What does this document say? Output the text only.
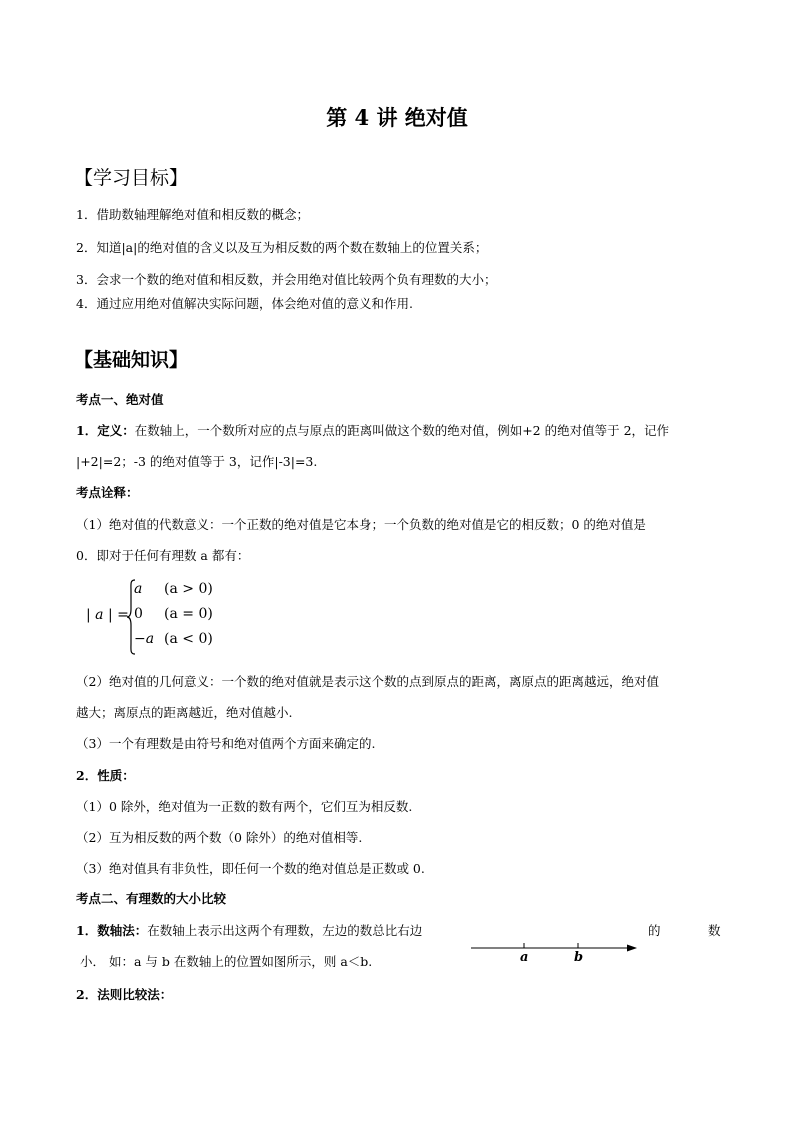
第 4 讲 绝对值
【学习目标】
1．借助数轴理解绝对值和相反数的概念；
2．知道|a|的绝对值的含义以及互为相反数的两个数在数轴上的位置关系；
3．会求一个数的绝对值和相反数，并会用绝对值比较两个负有理数的大小；
4．通过应用绝对值解决实际问题，体会绝对值的意义和作用.
【基础知识】
考点一、绝对值
1．定义：在数轴上，一个数所对应的点与原点的距离叫做这个数的绝对值，例如+2 的绝对值等于 2，记作
|+2|=2；-3 的绝对值等于 3，记作|-3|=3.
考点诠释：
（1）绝对值的代数意义：一个正数的绝对值是它本身；一个负数的绝对值是它的相反数；0 的绝对值是
0．即对于任何有理数 a 都有：
| a | =
a (a > 0)
0 (a = 0)
−a (a < 0)
（2）绝对值的几何意义：一个数的绝对值就是表示这个数的点到原点的距离，离原点的距离越远，绝对值
越大；离原点的距离越近，绝对值越小.
（3）一个有理数是由符号和绝对值两个方面来确定的.
2．性质：
（1）0 除外，绝对值为一正数的数有两个，它们互为相反数.
（2）互为相反数的两个数（0 除外）的绝对值相等.
（3）绝对值具有非负性，即任何一个数的绝对值总是正数或 0.
考点二、有理数的大小比较
1．数轴法：在数轴上表示出这两个有理数，左边的数总比右边	的	数
小． 如：a 与 b 在数轴上的位置如图所示，则 a＜b.	a	b
2．法则比较法：
